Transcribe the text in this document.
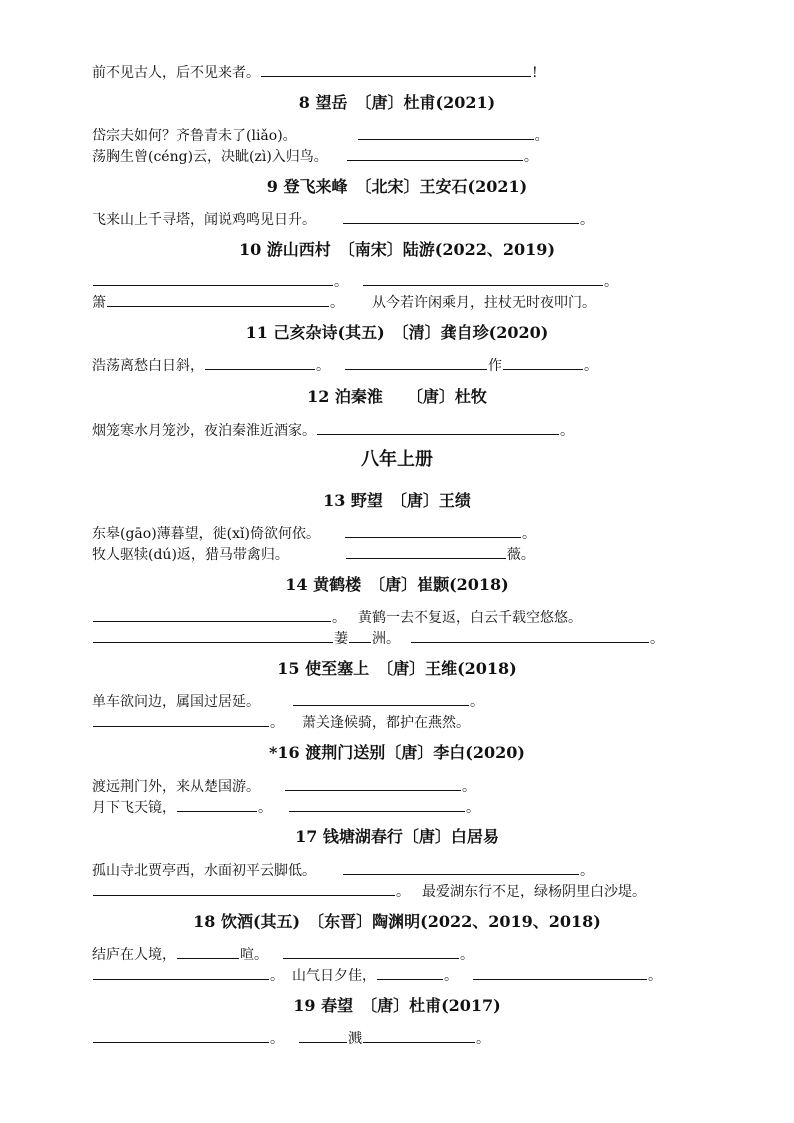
前不见古人，后不见来者。	!
8 望岳　〔唐〕杜甫(2021)
岱宗夫如何？齐鲁青未了(liǎo)。	。
荡胸生曾(céng)云，决眦(zì)入归鸟。	。
9 登飞来峰　〔北宋〕王安石(2021)
飞来山上千寻塔，闻说鸡鸣见日升。	。
10 游山西村　〔南宋〕陆游(2022、2019)
。	。
箫	。 从今若许闲乘月，拄杖无时夜叩门。
11 己亥杂诗(其五)　〔清〕龚自珍(2020)
浩荡离愁白日斜，	。	作	。
12 泊秦淮　　〔唐〕杜牧
烟笼寒水月笼沙，夜泊秦淮近酒家。	。
八年上册
13 野望　〔唐〕王绩
东皋(gāo)薄暮望，徙(xǐ)倚欲何依。	。
牧人驱犊(dú)返，猎马带禽归。	薇。
14 黄鹤楼　〔唐〕崔颢(2018)
。 黄鹤一去不复返，白云千载空悠悠。
萋 洲。	。
15 使至塞上　〔唐〕王维(2018)
单车欲问边，属国过居延。	。
。 萧关逢候骑，都护在燕然。
*16 渡荆门送别〔唐〕李白(2020)
渡远荆门外，来从楚国游。	。
月下飞天镜，	。	。
17 钱塘湖春行〔唐〕白居易
孤山寺北贾亭西，水面初平云脚低。	。
。 最爱湖东行不足，绿杨阴里白沙堤。
18 饮酒(其五)　〔东晋〕陶渊明(2022、2019、2018)
结庐在人境，	喧。	。
。 山气日夕佳，	。	。
19 春望　〔唐〕杜甫(2017)
。	溅	。
